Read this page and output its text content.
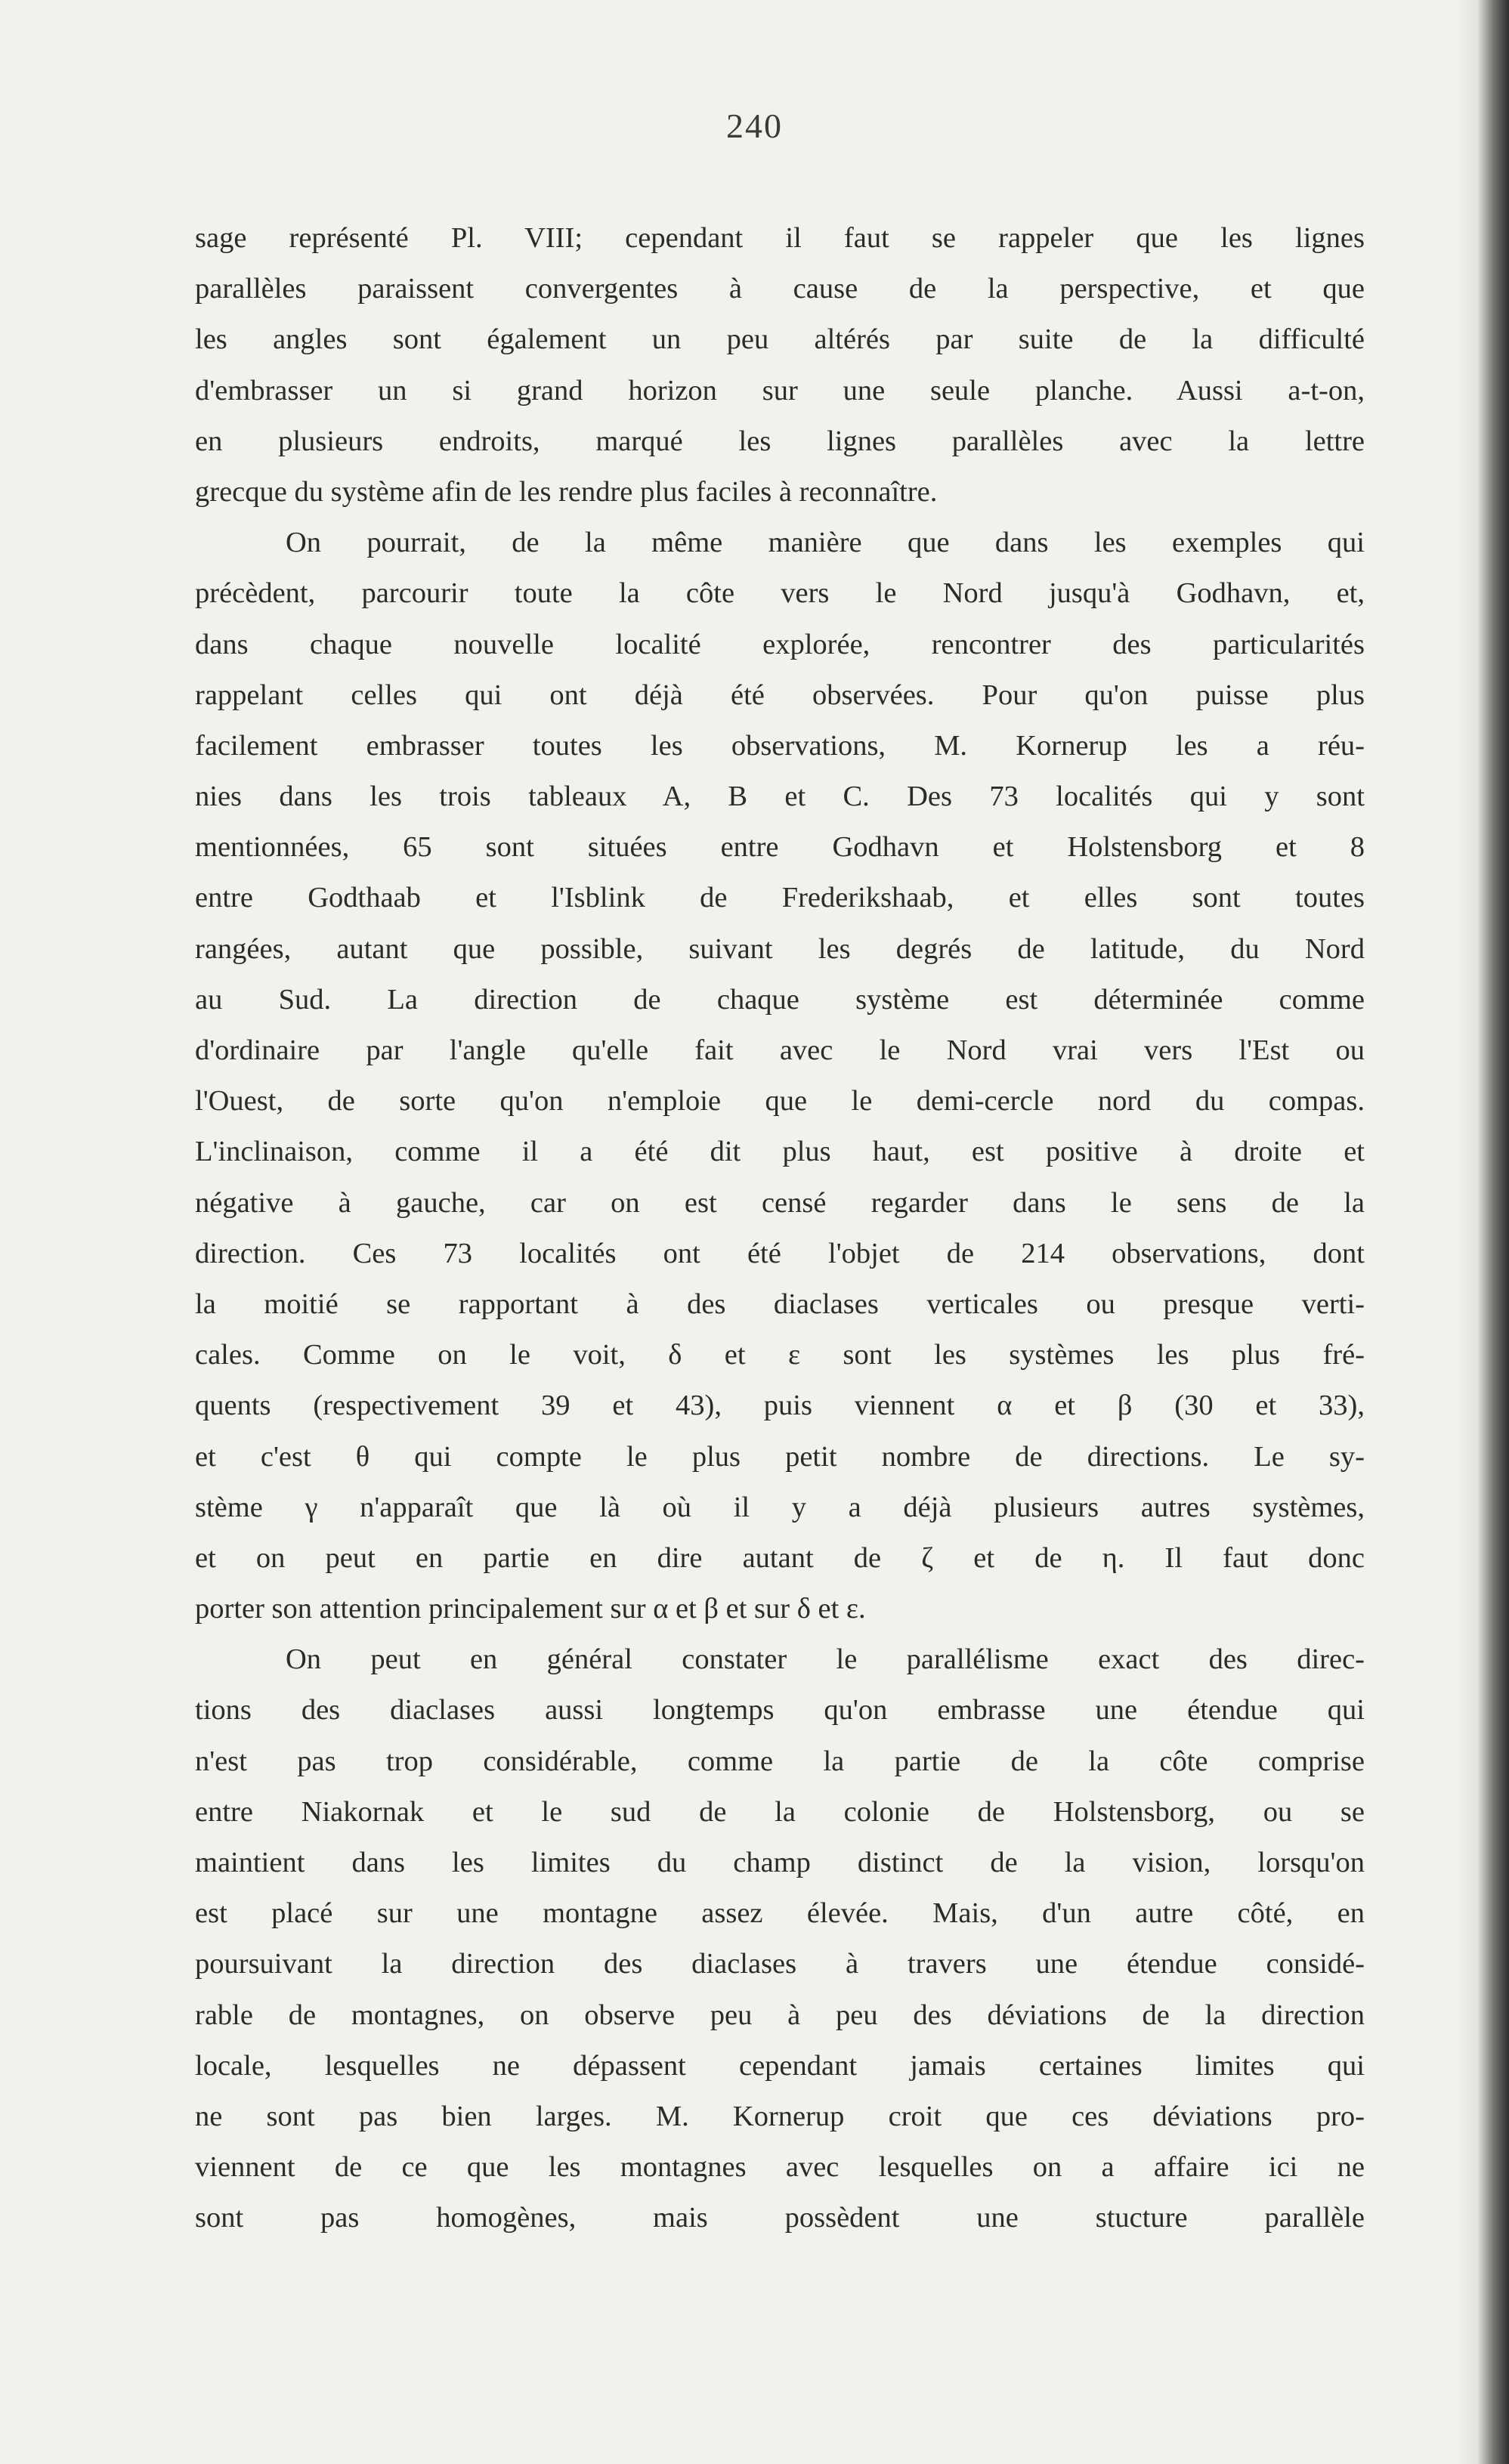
240
sage représenté Pl. VIII; cependant il faut se rappeler que les lignes
parallèles paraissent convergentes à cause de la perspective, et que
les angles sont également un peu altérés par suite de la difficulté
d'embrasser un si grand horizon sur une seule planche. Aussi a-t-on,
en plusieurs endroits, marqué les lignes parallèles avec la lettre
grecque du système afin de les rendre plus faciles à reconnaître.
On pourrait, de la même manière que dans les exemples qui
précèdent, parcourir toute la côte vers le Nord jusqu'à Godhavn, et,
dans chaque nouvelle localité explorée, rencontrer des particularités
rappelant celles qui ont déjà été observées. Pour qu'on puisse plus
facilement embrasser toutes les observations, M. Kornerup les a réu-
nies dans les trois tableaux A, B et C. Des 73 localités qui y sont
mentionnées, 65 sont situées entre Godhavn et Holstensborg et 8
entre Godthaab et l'Isblink de Frederikshaab, et elles sont toutes
rangées, autant que possible, suivant les degrés de latitude, du Nord
au Sud. La direction de chaque système est déterminée comme
d'ordinaire par l'angle qu'elle fait avec le Nord vrai vers l'Est ou
l'Ouest, de sorte qu'on n'emploie que le demi-cercle nord du compas.
L'inclinaison, comme il a été dit plus haut, est positive à droite et
négative à gauche, car on est censé regarder dans le sens de la
direction. Ces 73 localités ont été l'objet de 214 observations, dont
la moitié se rapportant à des diaclases verticales ou presque verti-
cales. Comme on le voit, δ et ε sont les systèmes les plus fré-
quents (respectivement 39 et 43), puis viennent α et β (30 et 33),
et c'est θ qui compte le plus petit nombre de directions. Le sy-
stème γ n'apparaît que là où il y a déjà plusieurs autres systèmes,
et on peut en partie en dire autant de ζ et de η. Il faut donc
porter son attention principalement sur α et β et sur δ et ε.
On peut en général constater le parallélisme exact des direc-
tions des diaclases aussi longtemps qu'on embrasse une étendue qui
n'est pas trop considérable, comme la partie de la côte comprise
entre Niakornak et le sud de la colonie de Holstensborg, ou se
maintient dans les limites du champ distinct de la vision, lorsqu'on
est placé sur une montagne assez élevée. Mais, d'un autre côté, en
poursuivant la direction des diaclases à travers une étendue considé-
rable de montagnes, on observe peu à peu des déviations de la direction
locale, lesquelles ne dépassent cependant jamais certaines limites qui
ne sont pas bien larges. M. Kornerup croit que ces déviations pro-
viennent de ce que les montagnes avec lesquelles on a affaire ici ne
sont pas homogènes, mais possèdent une stucture parallèle
